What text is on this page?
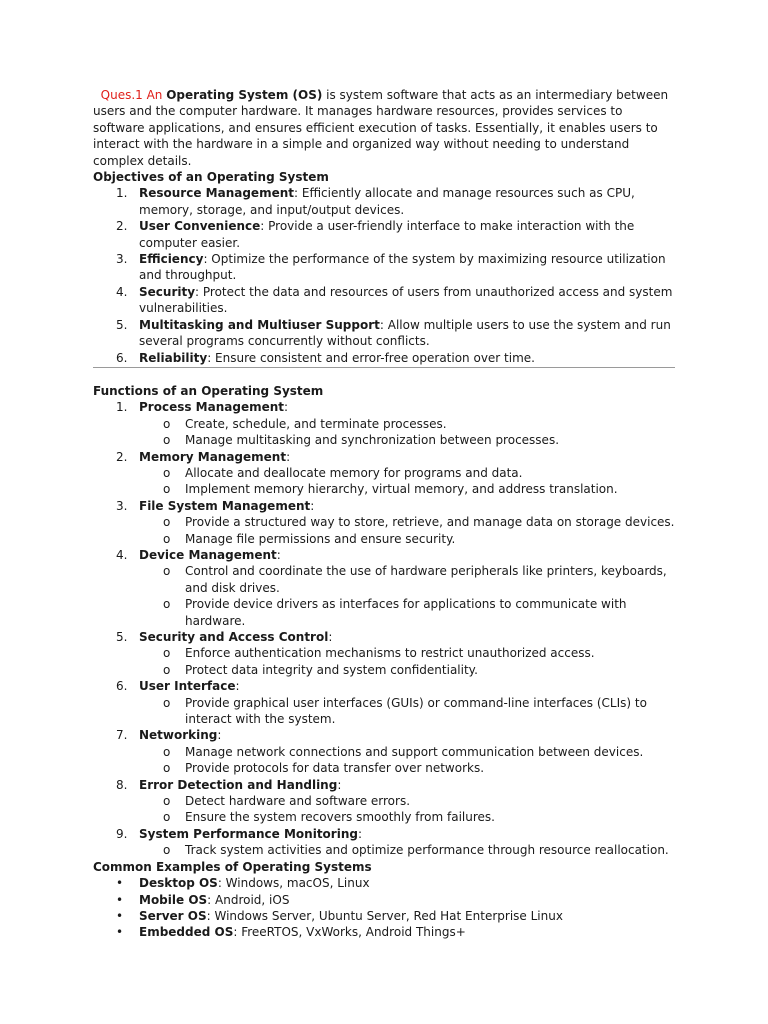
Ques.1 An Operating System (OS) is system software that acts as an intermediary between users and the computer hardware. It manages hardware resources, provides services to software applications, and ensures efficient execution of tasks. Essentially, it enables users to interact with the hardware in a simple and organized way without needing to understand complex details.

Objectives of an Operating System

1. Resource Management: Efficiently allocate and manage resources such as CPU, memory, storage, and input/output devices.
2. User Convenience: Provide a user-friendly interface to make interaction with the computer easier.
3. Efficiency: Optimize the performance of the system by maximizing resource utilization and throughput.
4. Security: Protect the data and resources of users from unauthorized access and system vulnerabilities.
5. Multitasking and Multiuser Support: Allow multiple users to use the system and run several programs concurrently without conflicts.
6. Reliability: Ensure consistent and error-free operation over time.

Functions of an Operating System

1. Process Management:
o Create, schedule, and terminate processes.
o Manage multitasking and synchronization between processes.
2. Memory Management:
o Allocate and deallocate memory for programs and data.
o Implement memory hierarchy, virtual memory, and address translation.
3. File System Management:
o Provide a structured way to store, retrieve, and manage data on storage devices.
o Manage file permissions and ensure security.
4. Device Management:
o Control and coordinate the use of hardware peripherals like printers, keyboards, and disk drives.
o Provide device drivers as interfaces for applications to communicate with hardware.
5. Security and Access Control:
o Enforce authentication mechanisms to restrict unauthorized access.
o Protect data integrity and system confidentiality.
6. User Interface:
o Provide graphical user interfaces (GUIs) or command-line interfaces (CLIs) to interact with the system.
7. Networking:
o Manage network connections and support communication between devices.
o Provide protocols for data transfer over networks.
8. Error Detection and Handling:
o Detect hardware and software errors.
o Ensure the system recovers smoothly from failures.
9. System Performance Monitoring:
o Track system activities and optimize performance through resource reallocation.

Common Examples of Operating Systems

• Desktop OS: Windows, macOS, Linux
• Mobile OS: Android, iOS
• Server OS: Windows Server, Ubuntu Server, Red Hat Enterprise Linux
• Embedded OS: FreeRTOS, VxWorks, Android Things+
